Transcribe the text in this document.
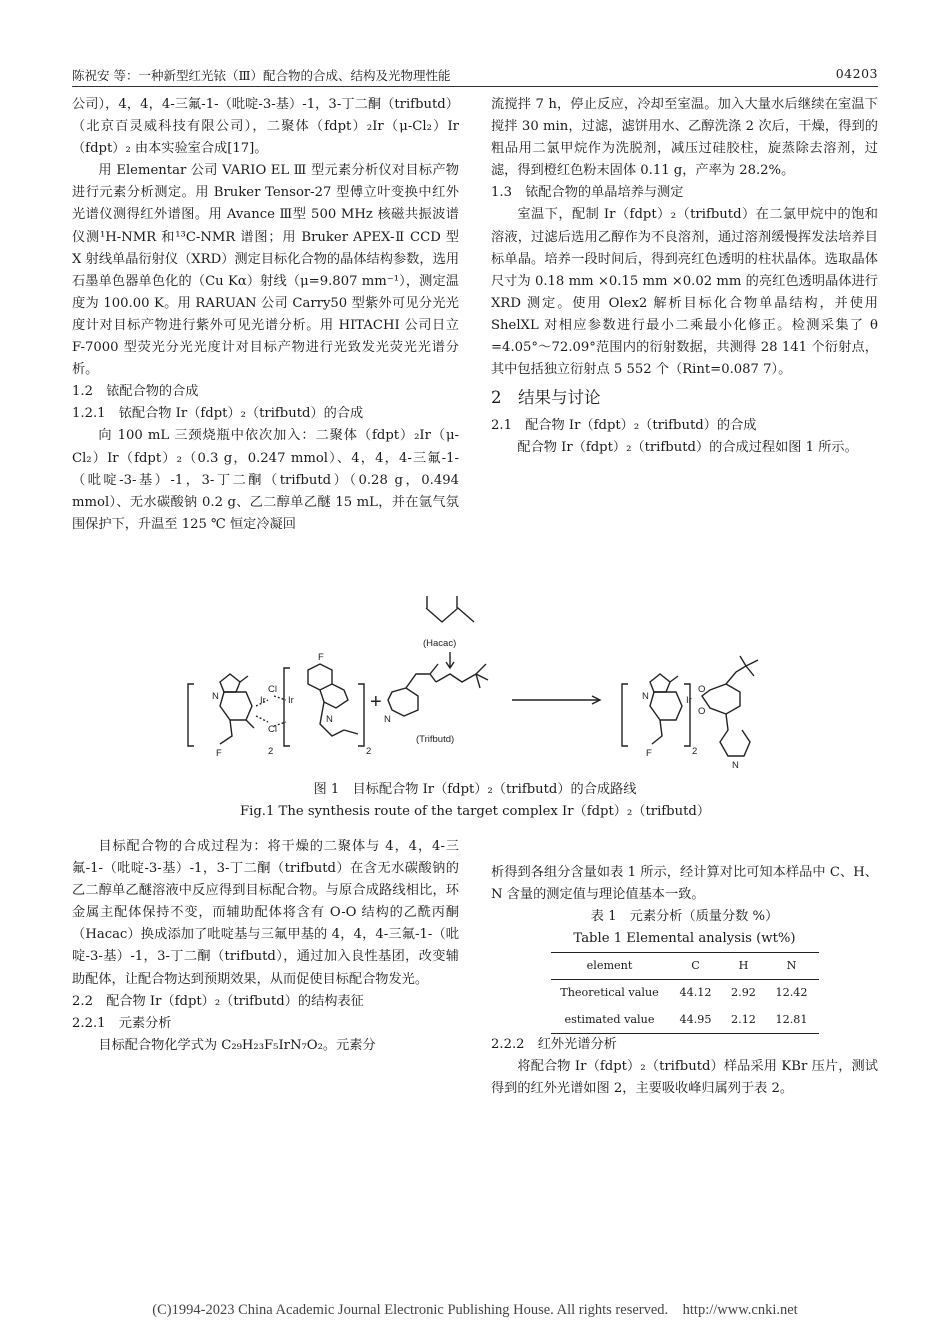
陈祝安 等：一种新型红光铱（Ⅲ）配合物的合成、结构及光物理性能	04203

公司），4，4，4-三氟-1-（吡啶-3-基）-1，3-丁二酮（trifbutd）（北京百灵威科技有限公司），二聚体（fdpt）₂Ir（μ-Cl₂）Ir（fdpt）₂ 由本实验室合成[17]。

用 Elementar 公司 VARIO EL Ⅲ 型元素分析仪对目标产物进行元素分析测定。用 Bruker Tensor-27 型傅立叶变换中红外光谱仪测得红外谱图。用 Avance Ⅲ型 500 MHz 核磁共振波谱仪测¹H-NMR 和¹³C-NMR 谱图；用 Bruker APEX-Ⅱ CCD 型 X 射线单晶衍射仪（XRD）测定目标化合物的晶体结构参数，选用石墨单色器单色化的（Cu Kα）射线（μ=9.807 mm⁻¹），测定温度为 100.00 K。用 RARUAN 公司 Carry50 型紫外可见分光光度计对目标产物进行紫外可见光谱分析。用 HITACHI 公司日立 F-7000 型荧光分光光度计对目标产物进行光致发光荧光光谱分析。

1.2　铱配合物的合成

1.2.1　铱配合物 Ir（fdpt）₂（trifbutd）的合成

向 100 mL 三颈烧瓶中依次加入：二聚体（fdpt）₂Ir（μ-Cl₂）Ir（fdpt）₂（0.3 g，0.247 mmol）、4，4，4-三氟-1-（吡啶-3-基）-1，3-丁二酮（trifbutd）（0.28 g，0.494 mmol）、无水碳酸钠 0.2 g、乙二醇单乙醚 15 mL，并在氩气氛围保护下，升温至 125 ℃ 恒定冷凝回

流搅拌 7 h，停止反应，冷却至室温。加入大量水后继续在室温下搅拌 30 min，过滤，滤饼用水、乙醇洗涤 2 次后，干燥，得到的粗品用二氯甲烷作为洗脱剂，减压过硅胶柱，旋蒸除去溶剂，过滤，得到橙红色粉末固体 0.11 g，产率为 28.2%。

1.3　铱配合物的单晶培养与测定

室温下，配制 Ir（fdpt）₂（trifbutd）在二氯甲烷中的饱和溶液，过滤后选用乙醇作为不良溶剂，通过溶剂缓慢挥发法培养目标单晶。培养一段时间后，得到亮红色透明的柱状晶体。选取晶体尺寸为 0.18 mm ×0.15 mm ×0.02 mm 的亮红色透明晶体进行 XRD 测定。使用 Olex2 解析目标化合物单晶结构，并使用 ShelXL 对相应参数进行最小二乘最小化修正。检测采集了 θ =4.05°～72.09°范围内的衍射数据，共测得 28 141 个衍射点，其中包括独立衍射点 5 552 个（Rint=0.087 7）。

2　结果与讨论

2.1　配合物 Ir（fdpt）₂（trifbutd）的合成

配合物 Ir（fdpt）₂（trifbutd）的合成过程如图 1 所示。

(Hacac)
(Trifbutd)
N	Ir
Cl
Cl
Ir
F
F
N
2	2
N
N	Ir
O
O
F	2
N
+
图 1　目标配合物 Ir（fdpt）₂（trifbutd）的合成路线
Fig.1 The synthesis route of the target complex Ir（fdpt）₂（trifbutd）

目标配合物的合成过程为：将干燥的二聚体与 4，4，4-三氟-1-（吡啶-3-基）-1，3-丁二酮（trifbutd）在含无水碳酸钠的乙二醇单乙醚溶液中反应得到目标配合物。与原合成路线相比，环金属主配体保持不变，而辅助配体将含有 O-O 结构的乙酰丙酮（Hacac）换成添加了吡啶基与三氟甲基的 4，4，4-三氟-1-（吡啶-3-基）-1，3-丁二酮（trifbutd），通过加入良性基团，改变辅助配体，让配合物达到预期效果，从而促使目标配合物发光。

2.2　配合物 Ir（fdpt）₂（trifbutd）的结构表征

2.2.1　元素分析

目标配合物化学式为 C₂₉H₂₃F₅IrN₇O₂。元素分

析得到各组分含量如表 1 所示，经计算对比可知本样品中 C、H、N 含量的测定值与理论值基本一致。

表 1　元素分析（质量分数 %）

Table 1 Elemental analysis (wt%)

element	C	H	N
Theoretical value	44.12	2.92	12.42
estimated value	44.95	2.12	12.81

2.2.2　红外光谱分析

将配合物 Ir（fdpt）₂（trifbutd）样品采用 KBr 压片，测试得到的红外光谱如图 2，主要吸收峰归属列于表 2。

(C)1994-2023 China Academic Journal Electronic Publishing House. All rights reserved.　http://www.cnki.net
